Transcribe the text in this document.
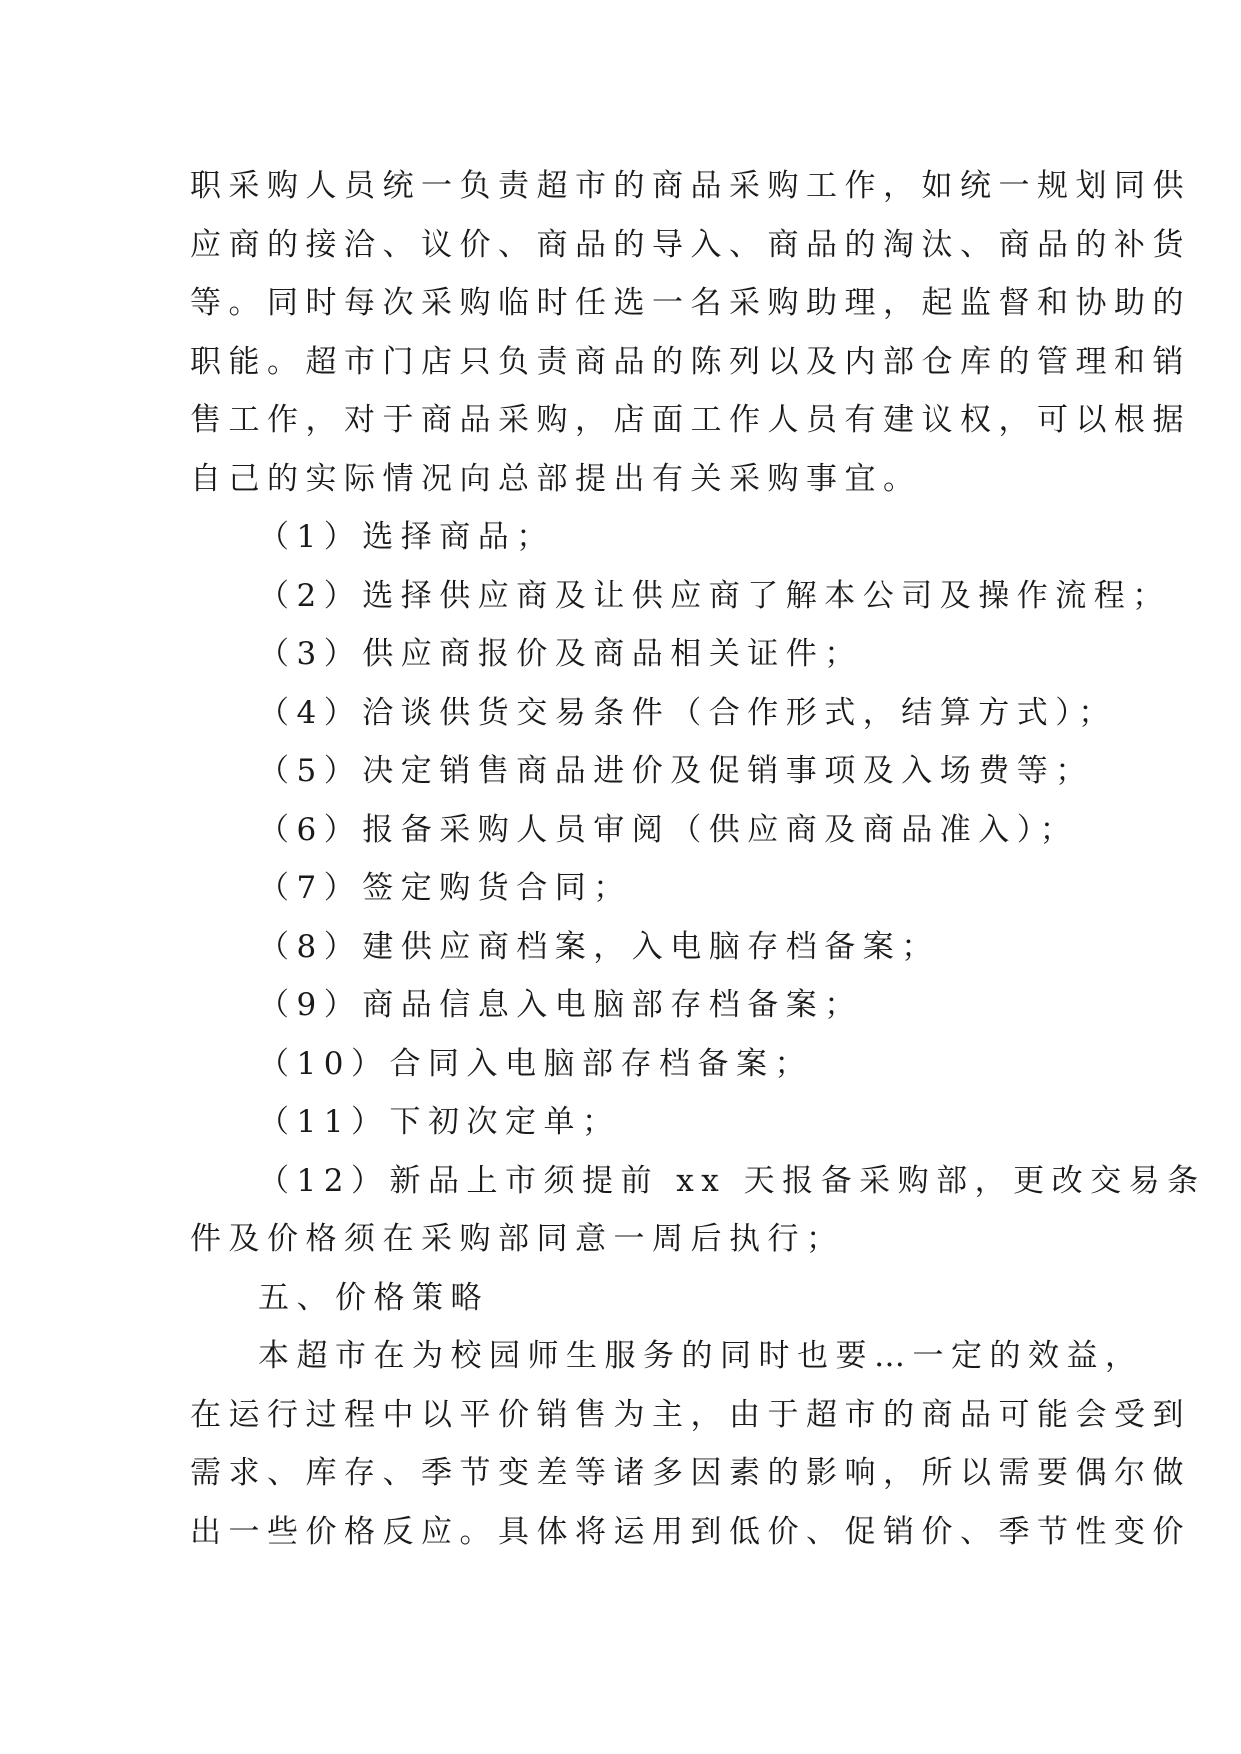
职采购人员统一负责超市的商品采购工作，如统一规划同供
应商的接洽、议价、商品的导入、商品的淘汰、商品的补货
等。同时每次采购临时任选一名采购助理，起监督和协助的
职能。超市门店只负责商品的陈列以及内部仓库的管理和销
售工作，对于商品采购，店面工作人员有建议权，可以根据
自己的实际情况向总部提出有关采购事宜。
（1）选择商品；
（2）选择供应商及让供应商了解本公司及操作流程；
（3）供应商报价及商品相关证件；
（4）洽谈供货交易条件（合作形式，结算方式）；
（5）决定销售商品进价及促销事项及入场费等；
（6）报备采购人员审阅（供应商及商品准入）；
（7）签定购货合同；
（8）建供应商档案，入电脑存档备案；
（9）商品信息入电脑部存档备案；
（10）合同入电脑部存档备案；
（11）下初次定单；
（12）新品上市须提前 xx 天报备采购部，更改交易条
件及价格须在采购部同意一周后执行；
五、价格策略
本超市在为校园师生服务的同时也要…一定的效益，
在运行过程中以平价销售为主，由于超市的商品可能会受到
需求、库存、季节变差等诸多因素的影响，所以需要偶尔做
出一些价格反应。具体将运用到低价、促销价、季节性变价
